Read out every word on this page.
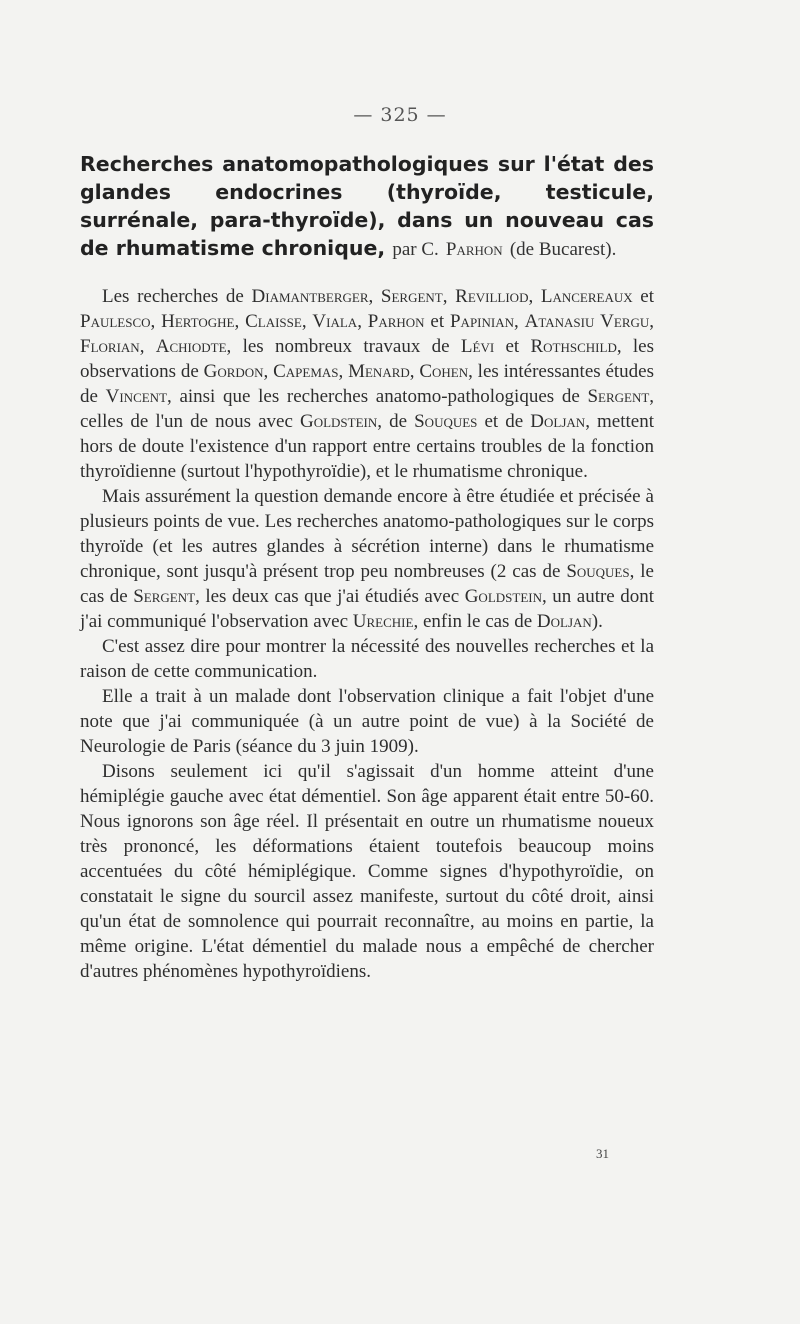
— 325 —
Recherches anatomopathologiques sur l'état des glandes endocrines (thyroïde, testicule, surrénale, para-thyroïde), dans un nouveau cas de rhumatisme chronique, par C. Parhon (de Bucarest).

Les recherches de Diamantberger, Sergent, Revilliod, Lancereaux et Paulesco, Hertoghe, Claisse, Viala, Parhon et Papinian, Atanasiu Vergu, Florian, Achiodte, les nombreux travaux de Lévi et Rothschild, les observations de Gordon, Capemas, Menard, Cohen, les intéressantes études de Vincent, ainsi que les recherches anatomo-pathologiques de Sergent, celles de l'un de nous avec Goldstein, de Souques et de Doljan, mettent hors de doute l'existence d'un rapport entre certains troubles de la fonction thyroïdienne (surtout l'hypothyroïdie), et le rhumatisme chronique.

Mais assurément la question demande encore à être étudiée et précisée à plusieurs points de vue. Les recherches anatomo-pathologiques sur le corps thyroïde (et les autres glandes à sécrétion interne) dans le rhumatisme chronique, sont jusqu'à présent trop peu nombreuses (2 cas de Souques, le cas de Sergent, les deux cas que j'ai étudiés avec Goldstein, un autre dont j'ai communiqué l'observation avec Urechie, enfin le cas de Doljan).

C'est assez dire pour montrer la nécessité des nouvelles recherches et la raison de cette communication.

Elle a trait à un malade dont l'observation clinique a fait l'objet d'une note que j'ai communiquée (à un autre point de vue) à la Société de Neurologie de Paris (séance du 3 juin 1909).

Disons seulement ici qu'il s'agissait d'un homme atteint d'une hémiplégie gauche avec état démentiel. Son âge apparent était entre 50-60. Nous ignorons son âge réel. Il présentait en outre un rhumatisme noueux très prononcé, les déformations étaient toutefois beaucoup moins accentuées du côté hémiplégique. Comme signes d'hypothyroïdie, on constatait le signe du sourcil assez manifeste, surtout du côté droit, ainsi qu'un état de somnolence qui pourrait reconnaître, au moins en partie, la même origine. L'état démentiel du malade nous a empêché de chercher d'autres phénomènes hypothyroïdiens.

31
